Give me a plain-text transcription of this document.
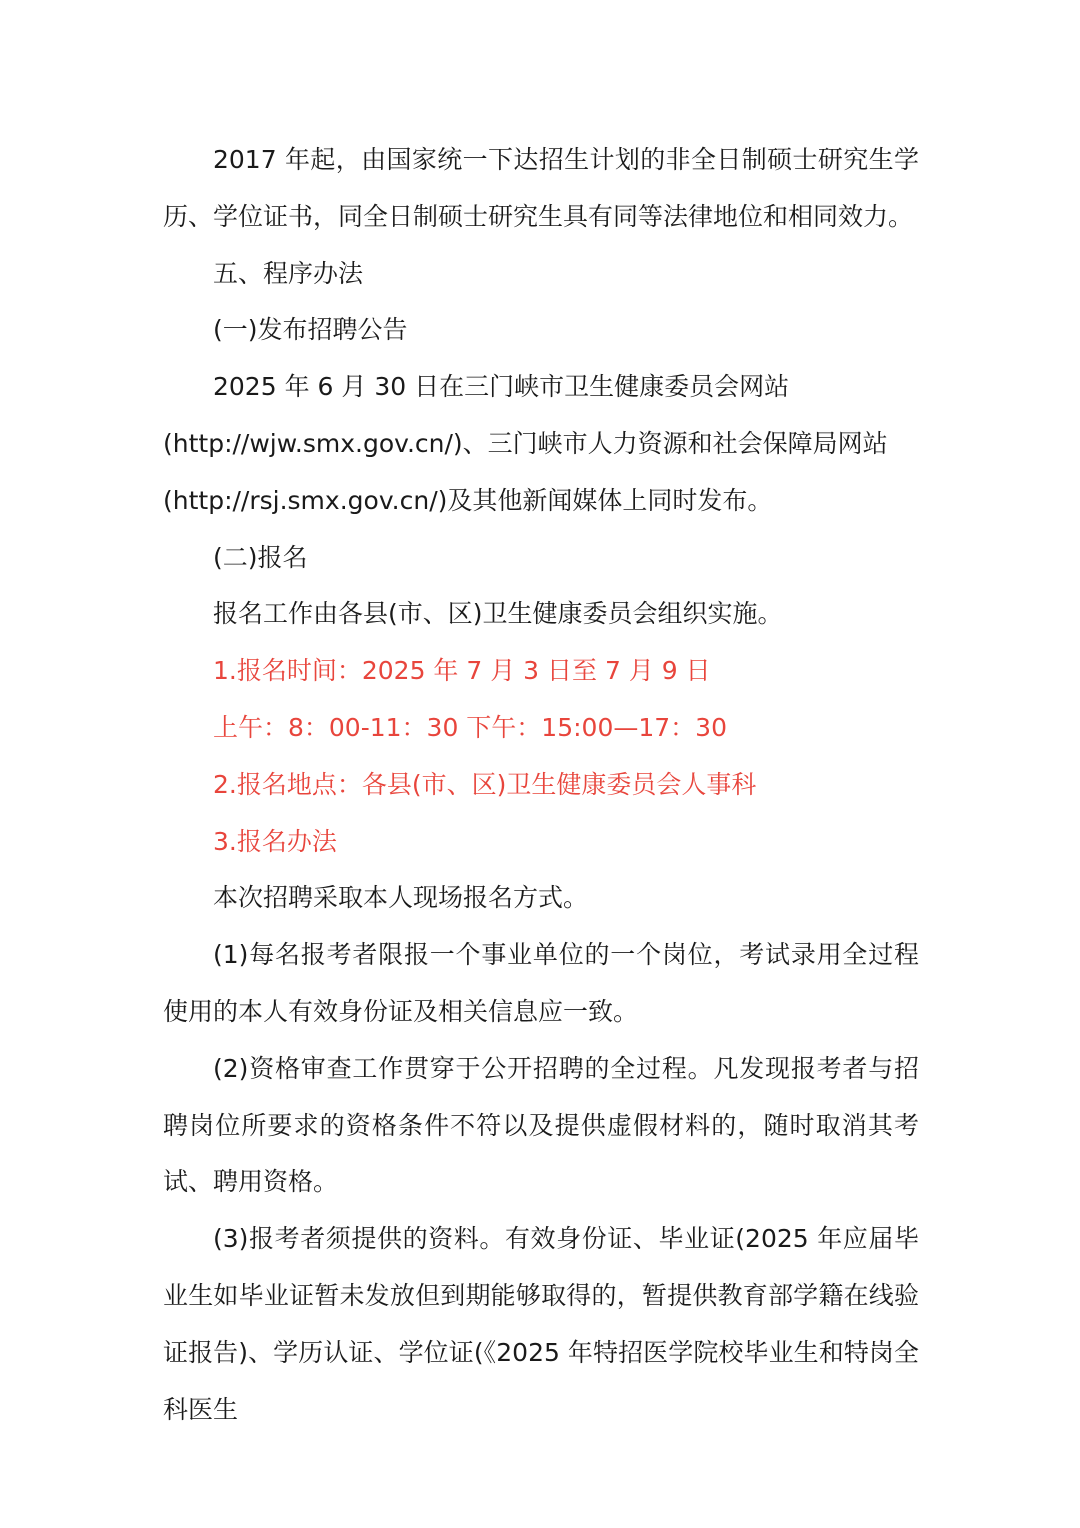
2017 年起，由国家统一下达招生计划的非全日制硕士研究生学历、学位证书，同全日制硕士研究生具有同等法律地位和相同效力。

五、程序办法

(一)发布招聘公告

2025 年 6 月 30 日在三门峡市卫生健康委员会网站

(http://wjw.smx.gov.cn/)、三门峡市人力资源和社会保障局网站

(http://rsj.smx.gov.cn/)及其他新闻媒体上同时发布。

(二)报名

报名工作由各县(市、区)卫生健康委员会组织实施。

1.报名时间：2025 年 7 月 3 日至 7 月 9 日

上午：8：00-11：30 下午：15:00—17：30

2.报名地点：各县(市、区)卫生健康委员会人事科

3.报名办法

本次招聘采取本人现场报名方式。

(1)每名报考者限报一个事业单位的一个岗位，考试录用全过程使用的本人有效身份证及相关信息应一致。

(2)资格审查工作贯穿于公开招聘的全过程。凡发现报考者与招聘岗位所要求的资格条件不符以及提供虚假材料的，随时取消其考试、聘用资格。

(3)报考者须提供的资料。有效身份证、毕业证(2025 年应届毕业生如毕业证暂未发放但到期能够取得的，暂提供教育部学籍在线验证报告)、学历认证、学位证(《2025 年特招医学院校毕业生和特岗全科医生
